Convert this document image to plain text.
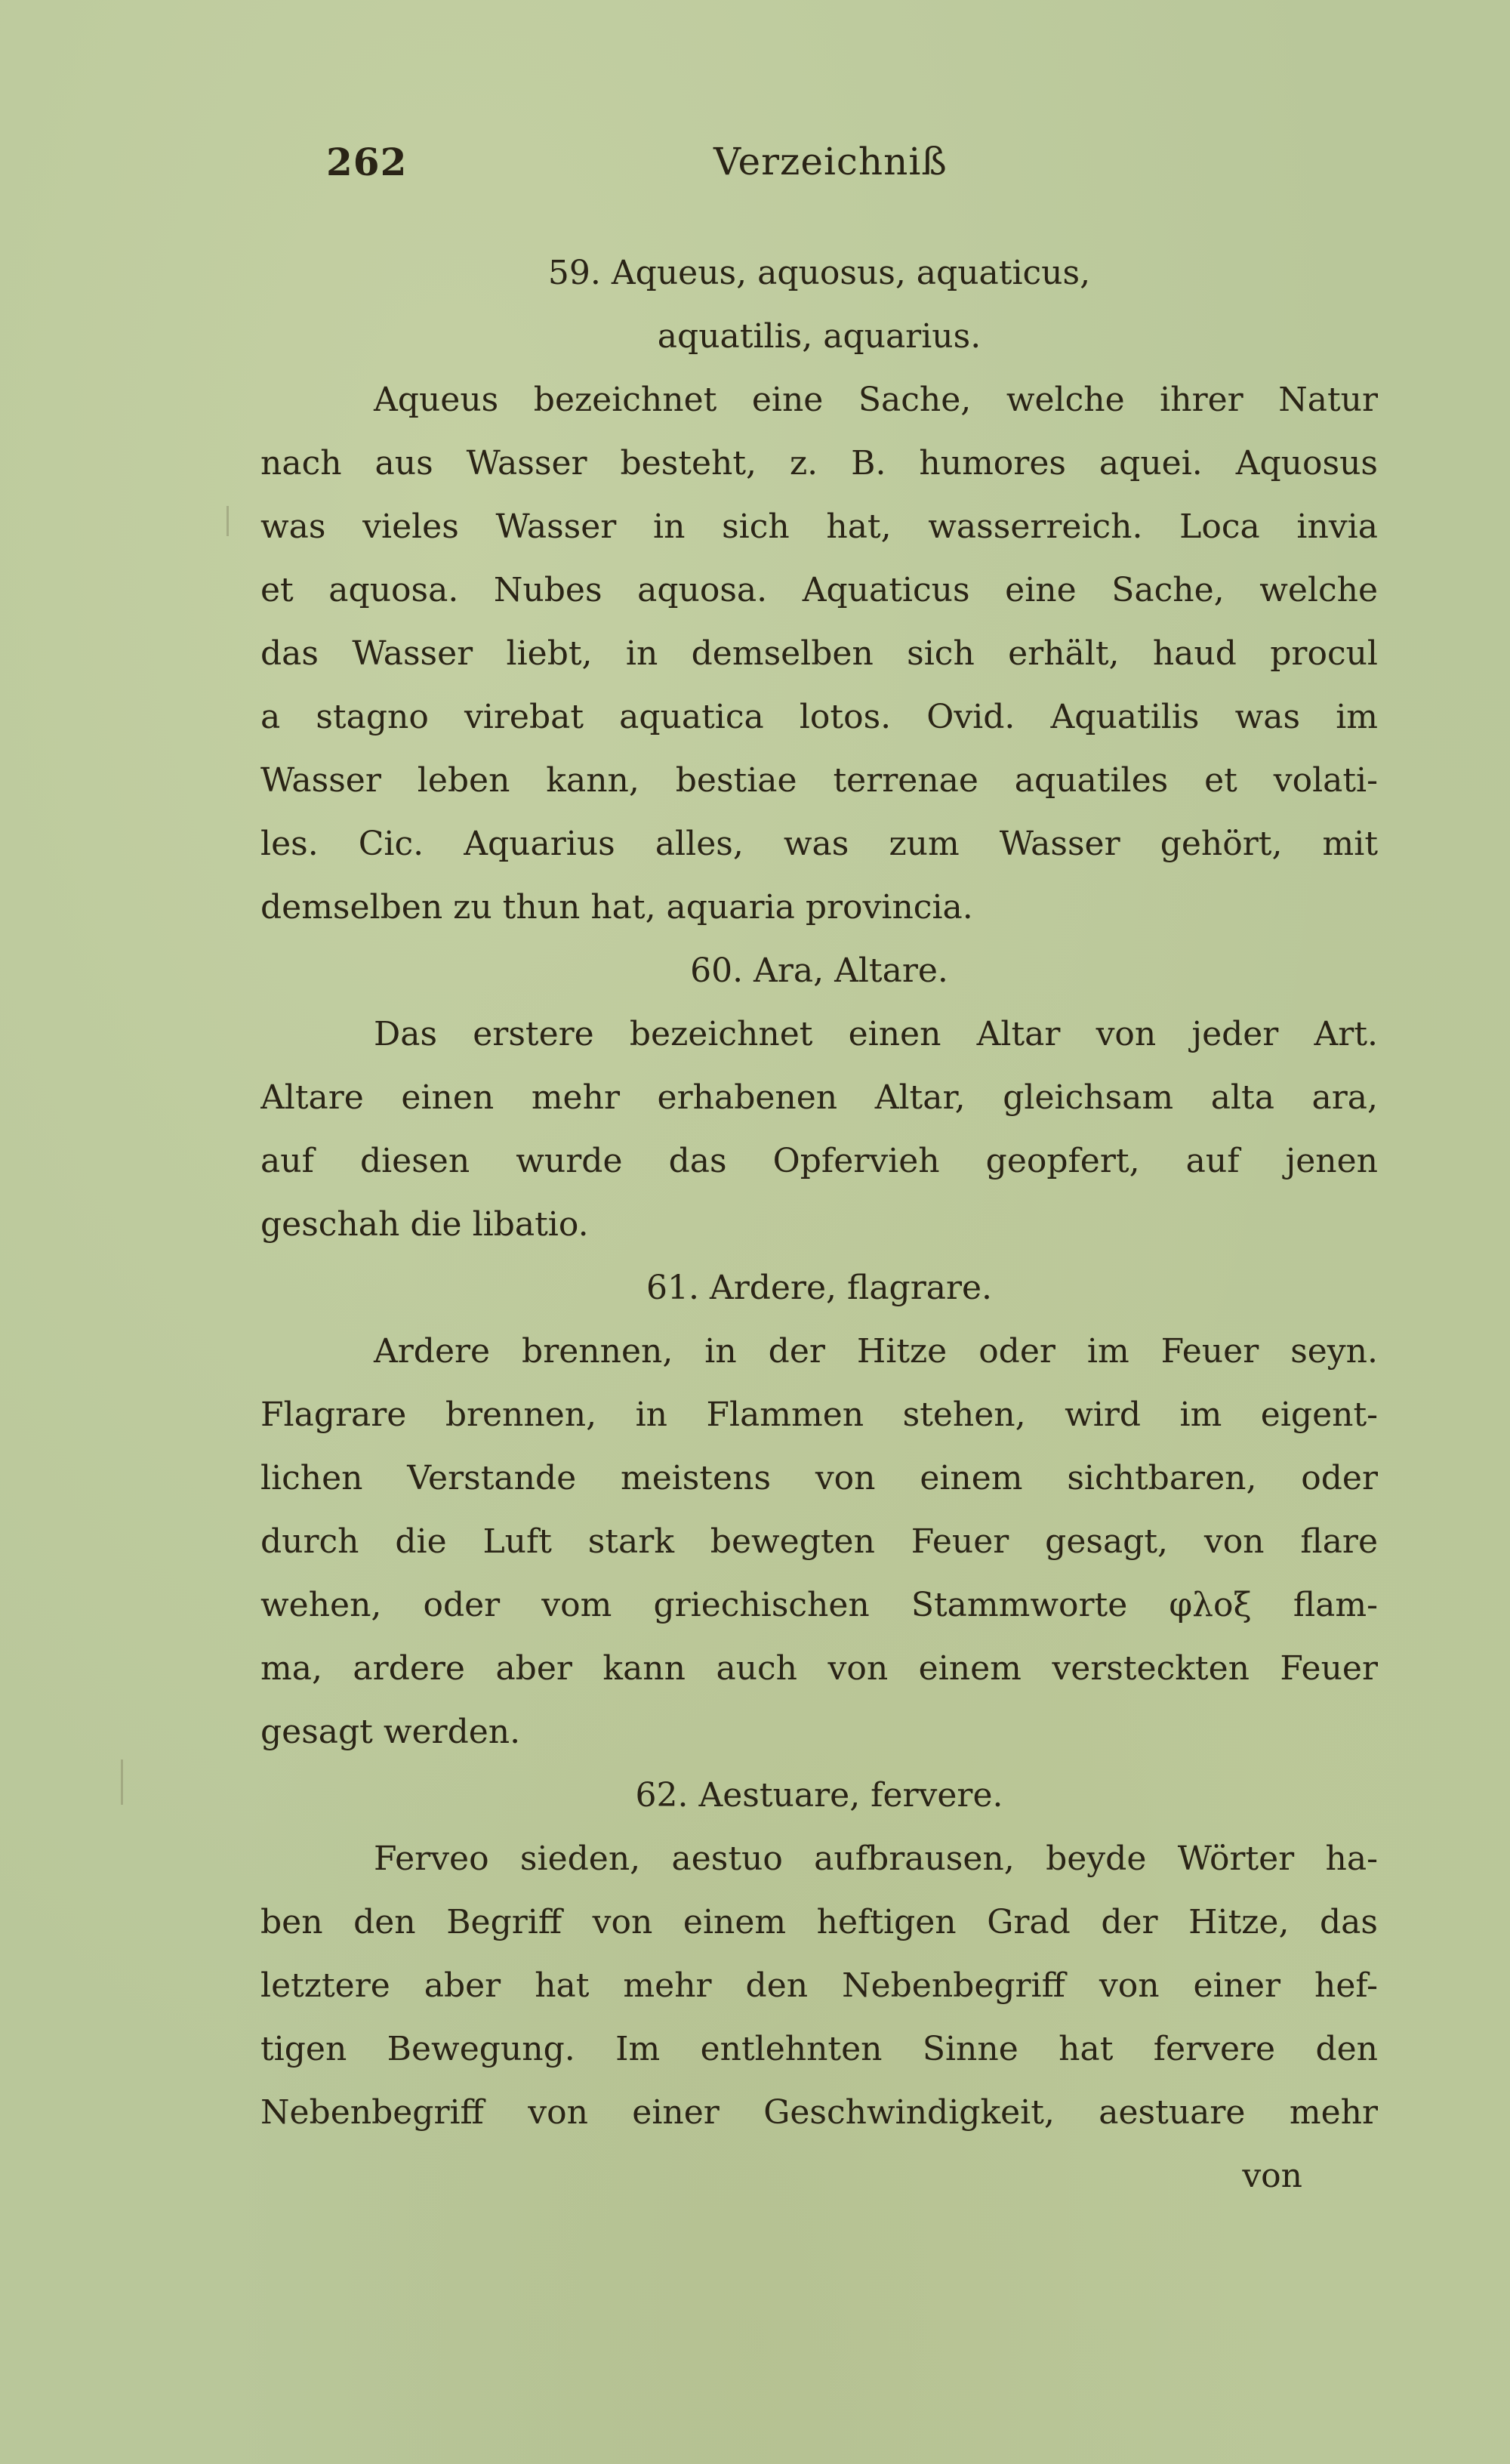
262	Verzeichniß
59. Aqueus, aquosus, aquaticus,
aquatilis, aquarius.
Aqueus bezeichnet eine Sache, welche ihrer Natur
nach aus Wasser besteht, z. B. humores aquei. Aquosus
was vieles Wasser in sich hat, wasserreich. Loca invia
et aquosa. Nubes aquosa. Aquaticus eine Sache, welche
das Wasser liebt, in demselben sich erhält, haud procul
a stagno virebat aquatica lotos. Ovid. Aquatilis was im
Wasser leben kann, bestiae terrenae aquatiles et volati-
les. Cic. Aquarius alles, was zum Wasser gehört, mit
demselben zu thun hat, aquaria provincia.
60. Ara, Altare.
Das erstere bezeichnet einen Altar von jeder Art.
Altare einen mehr erhabenen Altar, gleichsam alta ara,
auf diesen wurde das Opfervieh geopfert, auf jenen
geschah die libatio.
61. Ardere, flagrare.
Ardere brennen, in der Hitze oder im Feuer seyn.
Flagrare brennen, in Flammen stehen, wird im eigent-
lichen Verstande meistens von einem sichtbaren, oder
durch die Luft stark bewegten Feuer gesagt, von flare
wehen, oder vom griechischen Stammworte φλοξ flam-
ma, ardere aber kann auch von einem versteckten Feuer
gesagt werden.
62. Aestuare, fervere.
Ferveo sieden, aestuo aufbrausen, beyde Wörter ha-
ben den Begriff von einem heftigen Grad der Hitze, das
letztere aber hat mehr den Nebenbegriff von einer hef-
tigen Bewegung. Im entlehnten Sinne hat fervere den
Nebenbegriff von einer Geschwindigkeit, aestuare mehr
von
